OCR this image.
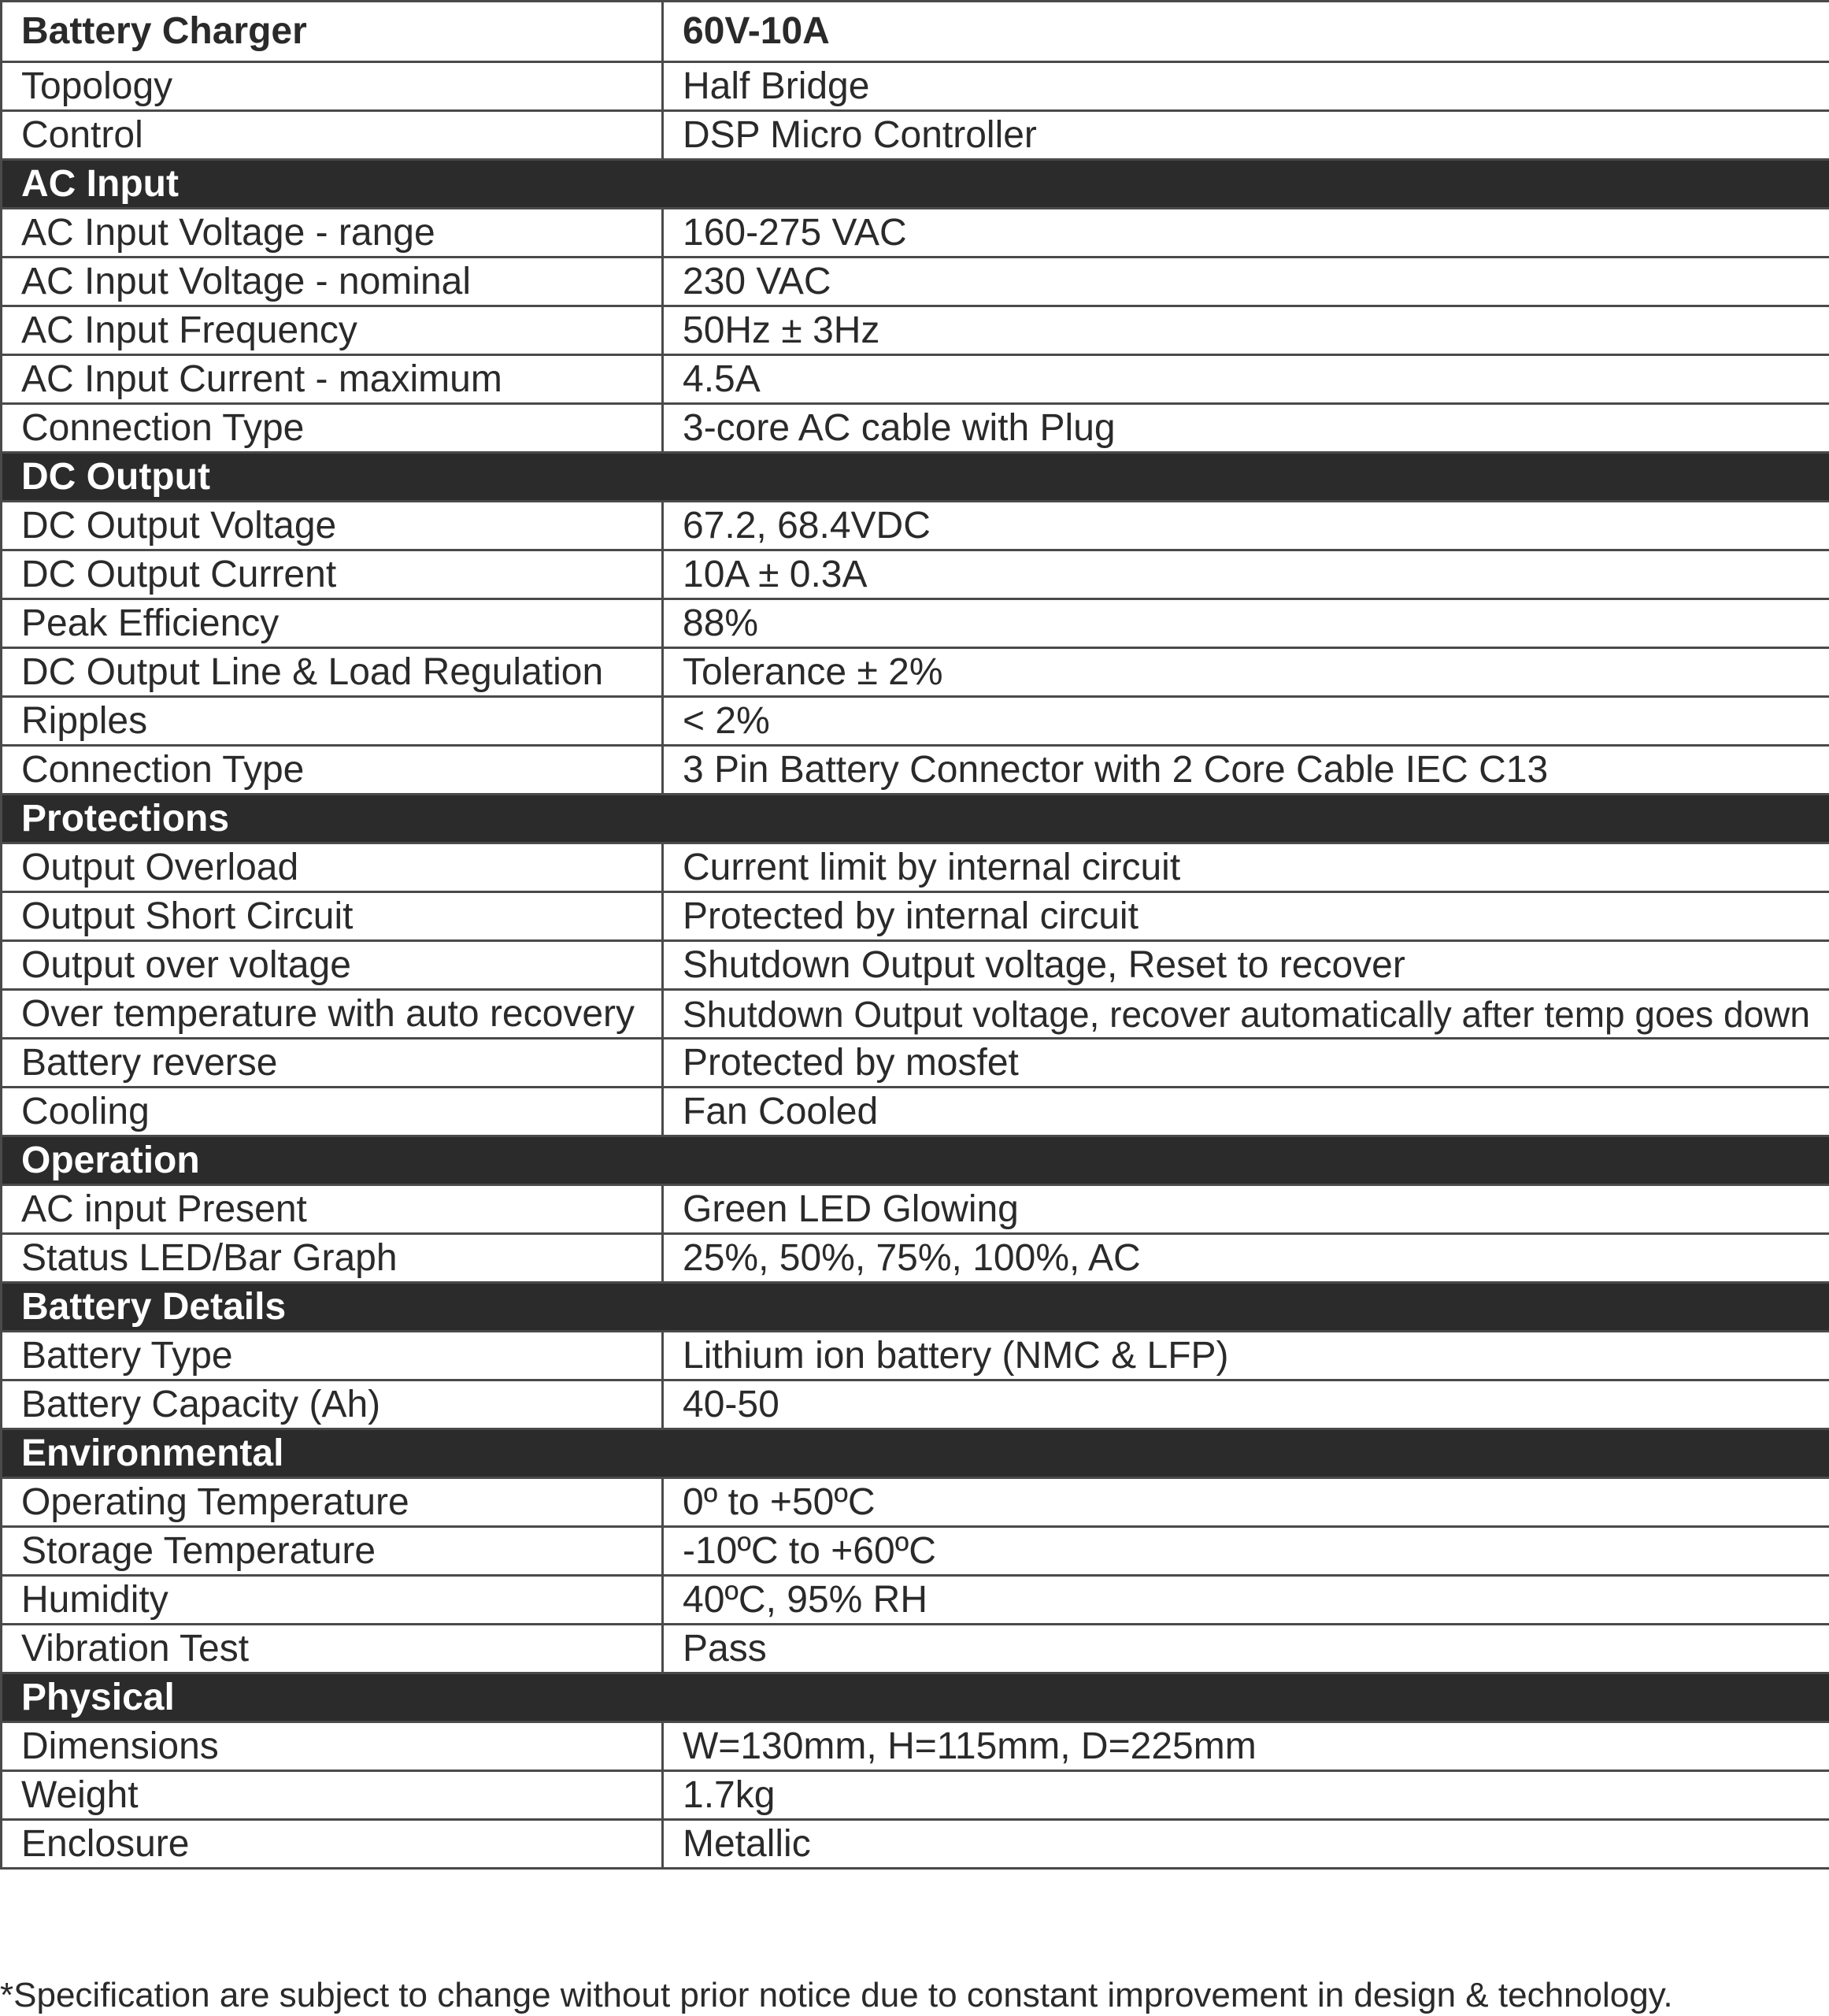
Battery Charger	60V-10A
Topology	Half Bridge
Control	DSP Micro Controller
AC Input	
AC Input Voltage - range	160-275 VAC
AC Input Voltage - nominal	230 VAC
AC Input Frequency	50Hz ± 3Hz
AC Input Current - maximum	4.5A
Connection Type	3-core AC cable with Plug
DC Output	
DC Output Voltage	67.2, 68.4VDC
DC Output Current	10A ± 0.3A
Peak Efficiency	88%
DC Output Line & Load Regulation	Tolerance ± 2%
Ripples	< 2%
Connection Type	3 Pin Battery Connector with 2 Core Cable IEC C13
Protections	
Output Overload	Current limit by internal circuit
Output Short Circuit	Protected by internal circuit
Output over voltage	Shutdown Output voltage, Reset to recover
Over temperature with auto recovery	Shutdown Output voltage, recover automatically after temp goes down
Battery reverse	Protected by mosfet
Cooling	Fan Cooled
Operation	
AC input Present	Green LED Glowing
Status LED/Bar Graph	25%, 50%, 75%, 100%, AC
Battery Details	
Battery Type	Lithium ion battery (NMC & LFP)
Battery Capacity (Ah)	40-50
Environmental	
Operating Temperature	0º to +50ºC
Storage Temperature	-10ºC to +60ºC
Humidity	40ºC, 95% RH
Vibration Test	Pass
Physical	
Dimensions	W=130mm, H=115mm, D=225mm
Weight	1.7kg
Enclosure	Metallic
*Specification are subject to change without prior notice due to constant improvement in design & technology.
